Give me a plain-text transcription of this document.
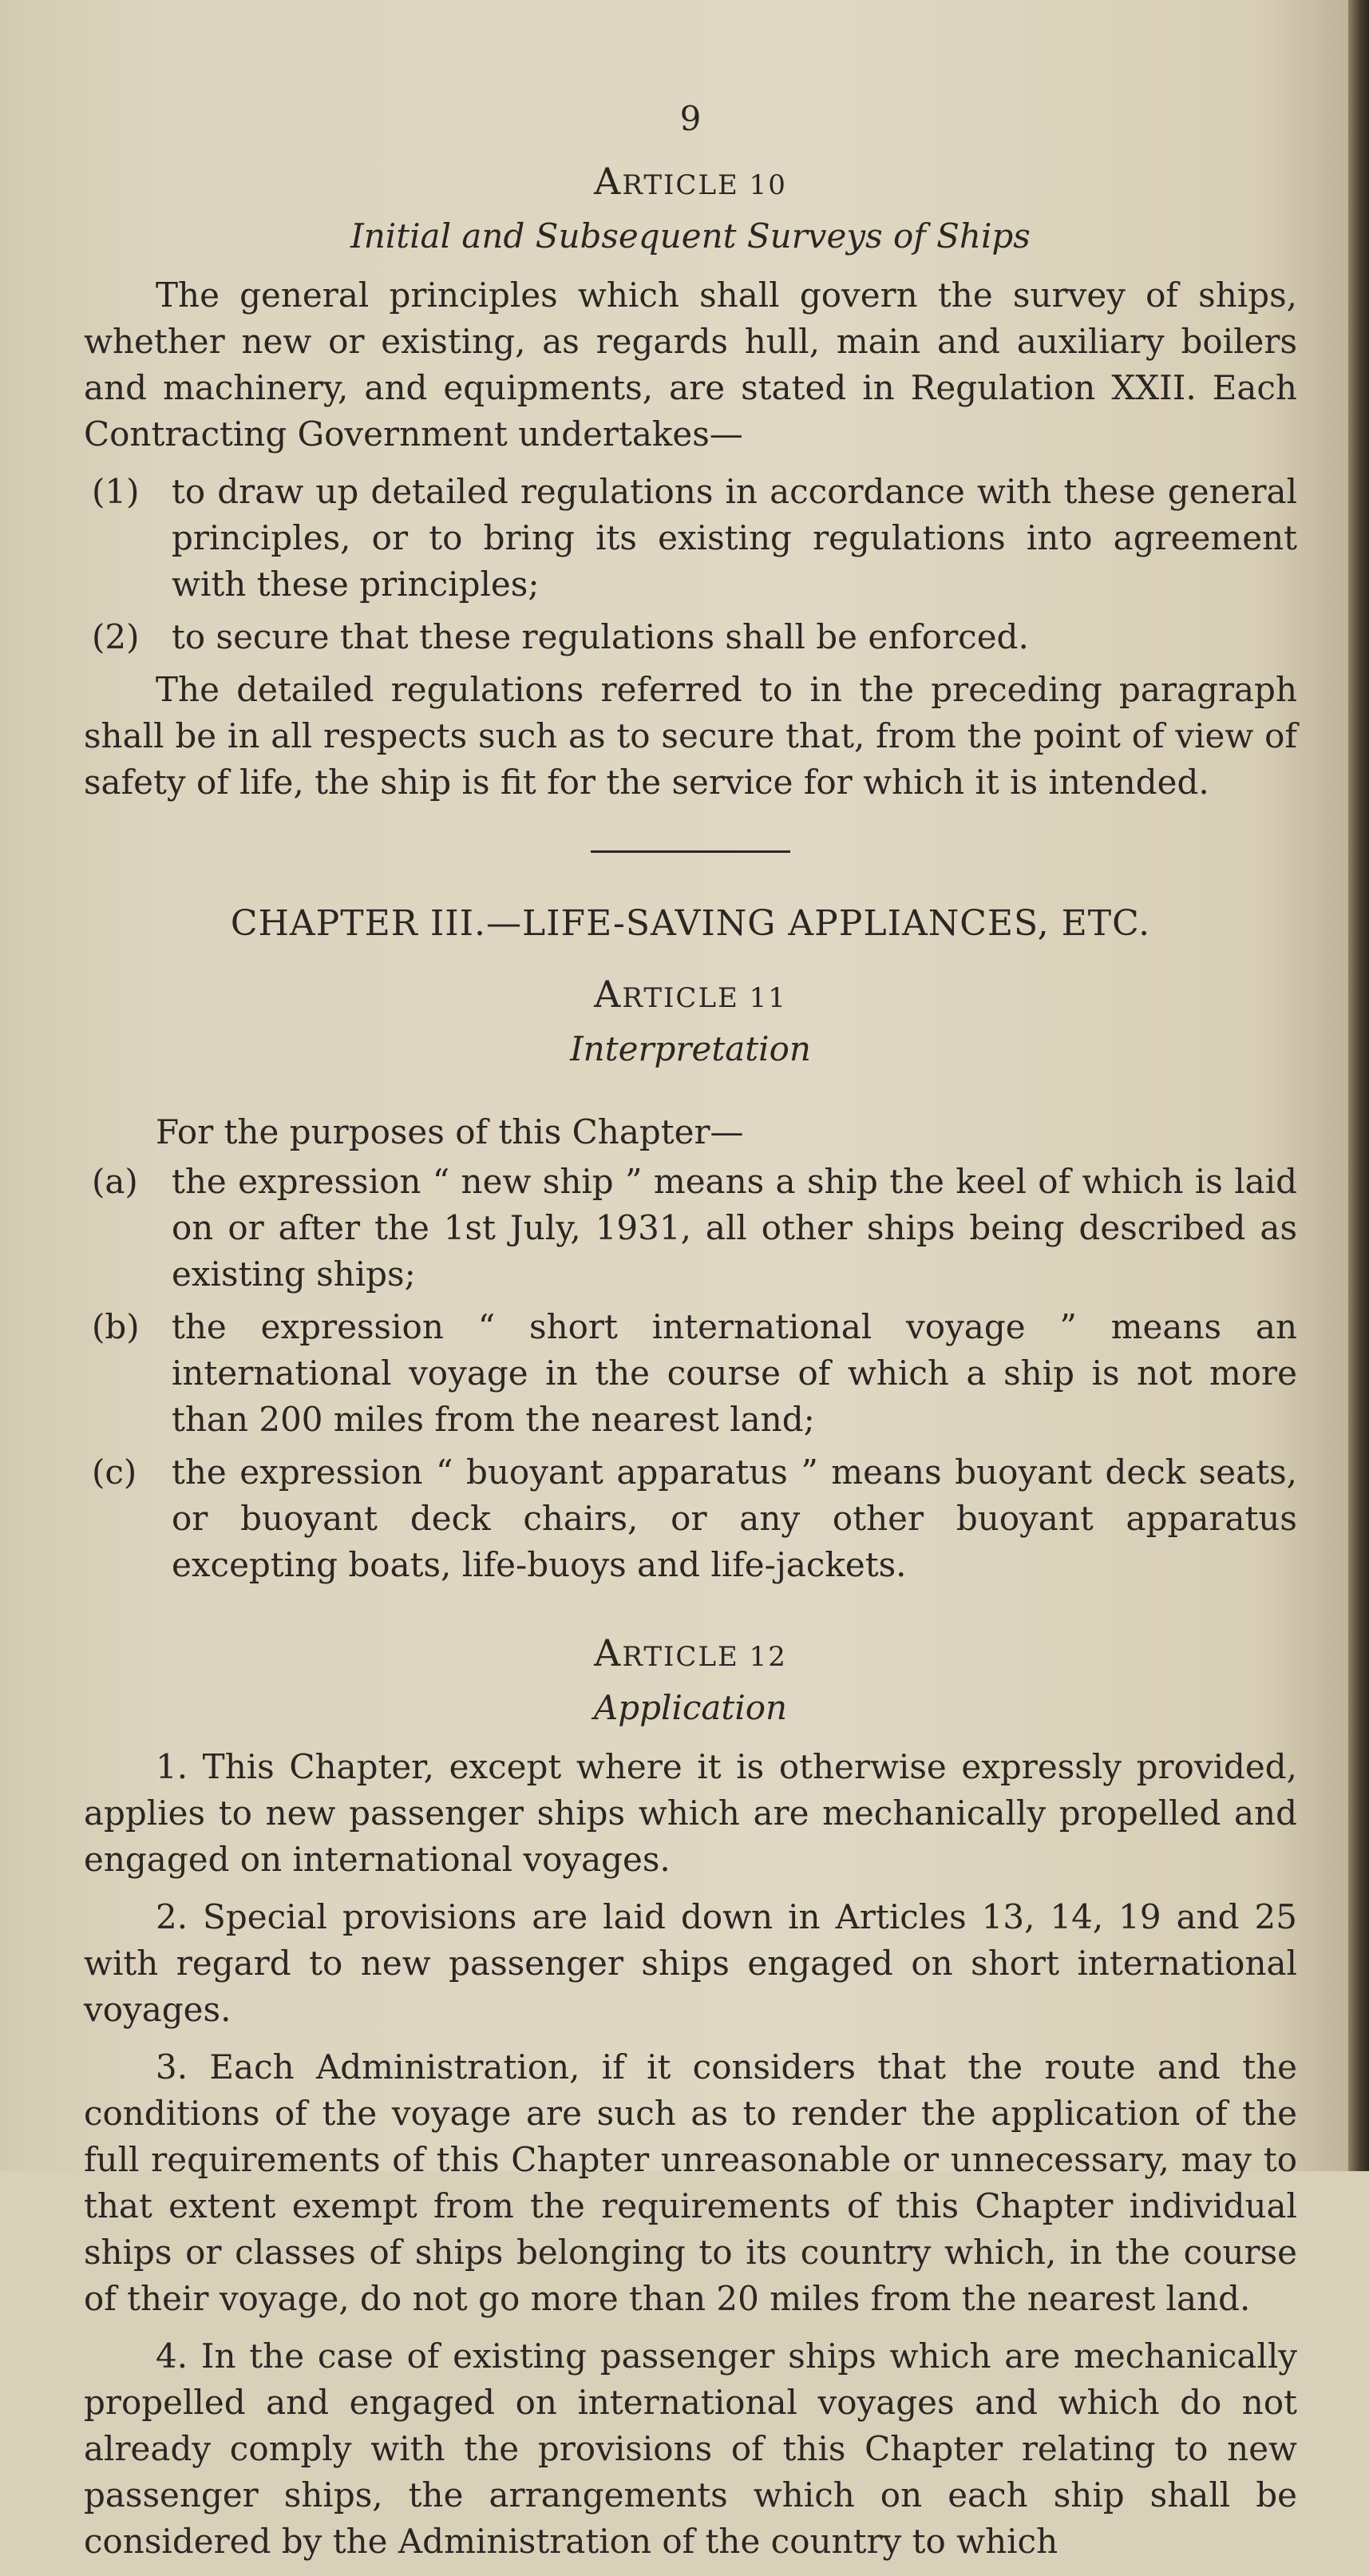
9
ARTICLE 10
Initial and Subsequent Surveys of Ships

The general principles which shall govern the survey of ships, whether new or existing, as regards hull, main and auxiliary boilers and machinery, and equipments, are stated in Regulation XXII. Each Contracting Government undertakes—

(1) to draw up detailed regulations in accordance with these general principles, or to bring its existing regulations into agreement with these principles;
(2) to secure that these regulations shall be enforced.

The detailed regulations referred to in the preceding paragraph shall be in all respects such as to secure that, from the point of view of safety of life, the ship is fit for the service for which it is intended.

CHAPTER III.—LIFE-SAVING APPLIANCES, ETC.
ARTICLE 11
Interpretation

For the purposes of this Chapter—

(a)	the expression “ new ship ” means a ship the keel of which is laid on or after the 1st July, 1931, all other ships being described as existing ships;
(b) the expression “ short international voyage ” means an international voyage in the course of which a ship is not more than 200 miles from the nearest land;
(c)	the expression “ buoyant apparatus ” means buoyant deck seats, or buoyant deck chairs, or any other buoyant apparatus excepting boats, life-buoys and life-jackets.
ARTICLE 12
Application

1. This Chapter, except where it is otherwise expressly provided, applies to new passenger ships which are mechanically propelled and engaged on international voyages.

2. Special provisions are laid down in Articles 13, 14, 19 and 25 with regard to new passenger ships engaged on short international voyages.

3. Each Administration, if it considers that the route and the conditions of the voyage are such as to render the application of the full requirements of this Chapter unreasonable or unnecessary, may to that extent exempt from the requirements of this Chapter individual ships or classes of ships belonging to its country which, in the course of their voyage, do not go more than 20 miles from the nearest land.

4. In the case of existing passenger ships which are mechanically propelled and engaged on international voyages and which do not already comply with the provisions of this Chapter relating to new passenger ships, the arrangements which on each ship shall be considered by the Administration of the country to which
